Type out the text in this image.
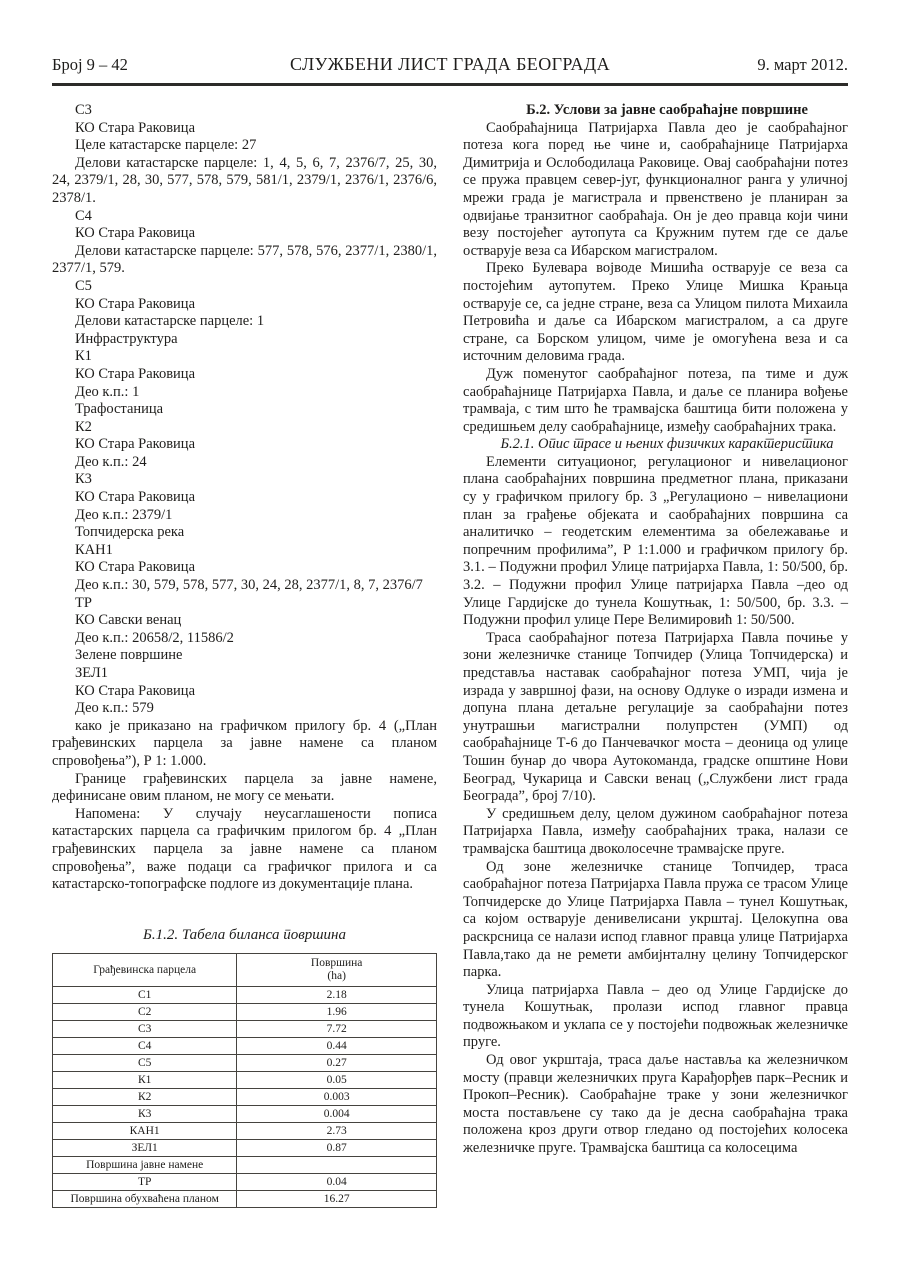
Број 9 – 42	СЛУЖБЕНИ ЛИСТ ГРАДА БЕОГРАДА	9. март 2012.

С3

КО Стара Раковица

Целе катастарске парцеле: 27

Делови катастарске парцеле: 1, 4, 5, 6, 7, 2376/7, 25, 30, 24, 2379/1, 28, 30, 577, 578, 579, 581/1, 2379/1, 2376/1, 2376/6, 2378/1.

С4

КО Стара Раковица

Делови катастарске парцеле: 577, 578, 576, 2377/1, 2380/1, 2377/1, 579.

С5

КО Стара Раковица

Делови катастарске парцеле: 1

Инфраструктура

К1

КО Стара Раковица

Део к.п.: 1

Трафостаница

К2

КО Стара Раковица

Део к.п.: 24

К3

КО Стара Раковица

Део к.п.: 2379/1

Топчидерска река

КАН1

КО Стара Раковица

Део к.п.: 30, 579, 578, 577, 30, 24, 28, 2377/1, 8, 7, 2376/7

ТР

КО Савски венац

Део к.п.: 20658/2, 11586/2

Зелене површине

ЗЕЛ1

КО Стара Раковица

Део к.п.: 579

како је приказано на графичком прилогу бр. 4 („План грађевинских парцела за јавне намене са планом спровођења”), Р 1: 1.000.

Границе грађевинских парцела за јавне намене, дефинисане овим планом, не могу се мењати.

Напомена: У случају неусаглашености пописа катастарских парцела са графичким прилогом бр. 4 „План грађевинских парцела за јавне намене са планом спровођења”, важе подаци са графичког прилога и са катастарско-топографске подлоге из документације плана.

Б.1.2. Табела биланса површина
Грађевинска парцела	Површина
(ha)
С1	2.18
С2	1.96
С3	7.72
С4	0.44
С5	0.27
К1	0.05
К2	0.003
К3	0.004
КАН1	2.73
ЗЕЛ1	0.87
Површина јавне намене	
ТР	0.04
Површина обухваћена планом	16.27

Б.2. Услови за јавне саобраћајне површине

Саобраћајница Патријарха Павла део је саобраћајног потеза кога поред ње чине и, саобраћајнице Патријарха Димитрија и Ослободилаца Раковице. Овај саобраћајни потез се пружа правцем север-југ, функционалног ранга у уличној мрежи града је магистрала и првенствено је планиран за одвијање транзитног саобраћаја. Он је део правца који чини везу постојећег аутопута са Кружним путем где се даље остварује веза са Ибарском магистралом.

Преко Булевара војводе Мишића остварује се веза са постојећим аутопутем. Преко Улице Мишка Крањца остварује се, са једне стране, веза са Улицом пилота Михаила Петровића и даље са Ибарском магистралом, а са друге стране, са Борском улицом, чиме је омогућена веза и са источним деловима града.

Дуж поменутог саобраћајног потеза, па тиме и дуж саобраћајнице Патријарха Павла, и даље се планира вођење трамваја, с тим што ће трамвајска баштица бити положена у средишњем делу саобраћајнице, између саобраћајних трака.

Б.2.1. Опис трасе и њених физичких карактеристика

Елементи ситуационог, регулационог и нивелационог плана саобраћајних површина предметног плана, приказани су у графичком прилогу бр. 3 „Регулационо – нивелациони план за грађење објеката и саобраћајних површина са аналитичко – геодетским елементима за обележавање и попречним профилима”, Р 1:1.000 и графичком прилогу бр. 3.1. – Подужни профил Улице патријарха Павла, 1: 50/500, бр. 3.2. – Подужни профил Улице патријарха Павла –део од Улице Гардијске до тунела Кошутњак, 1: 50/500, бр. 3.3. – Подужни профил улице Пере Велимировић 1: 50/500.

Траса саобраћајног потеза Патријарха Павла почиње у зони железничке станице Топчидер (Улица Топчидерска) и представља наставак саобраћајног потеза УМП, чија је израда у завршној фази, на основу Одлуке о изради измена и допуна плана детаљне регулације за саобраћајни потез унутрашњи магистрални полупрстен (УМП) од саобраћајнице Т-6 до Панчевачког моста – деоница од улице Тошин бунар до чвора Аутокоманда, градске општине Нови Београд, Чукарица и Савски венац („Службени лист града Београда”, број 7/10).

У средишњем делу, целом дужином саобраћајног потеза Патријарха Павла, између саобраћајних трака, налази се трамвајска баштица двоколосечне трамвајске пруге.

Од зоне железничке станице Топчидер, траса саобраћајног потеза Патријарха Павла пружа се трасом Улице Топчидерске до Улице Патријарха Павла – тунел Кошутњак, са којом остварује денивелисани укрштај. Целокупна ова раскрсница се налази испод главног правца улице Патријарха Павла,тако да не ремети амбијнталну целину Топчидерског парка.

Улица патријарха Павла – део од Улице Гардијске до тунела Кошутњак, пролази испод главног правца подвожњаком и уклапа се у постојећи подвожњак железничке пруге.

Од овог укрштаја, траса даље наставља ка железничком мосту (правци железничких пруга Карађорђев парк–Ресник и Прокоп–Ресник). Саобраћајне траке у зони железничког моста постављене су тако да је десна саобраћајна трака положена кроз други отвор гледано од постојећих колосека железничке пруге. Трамвајска баштица са колосецима
